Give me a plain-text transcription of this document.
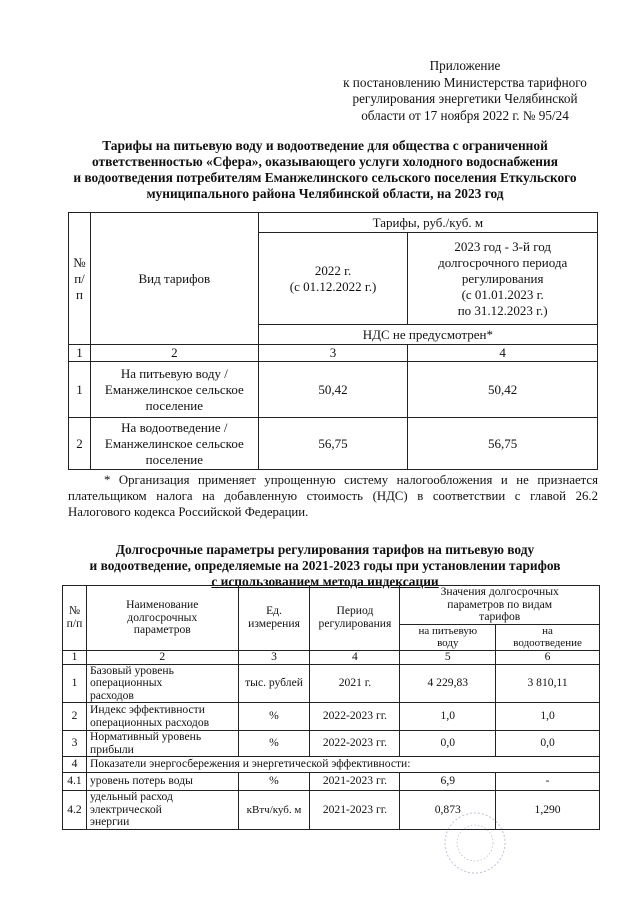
Приложение
к постановлению Министерства тарифного
регулирования энергетики Челябинской
области от 17 ноября 2022 г. № 95/24
Тарифы на питьевую воду и водоотведение для общества с ограниченной
ответственностью «Сфера», оказывающего услуги холодного водоснабжения
и водоотведения потребителям Еманжелинского сельского поселения Еткульского
муниципального района Челябинской области, на 2023 год
№
п/п	Вид тарифов	Тарифы, руб./куб. м	
		2022 г.
(с 01.12.2022 г.)	2023 год - 3-й год
долгосрочного периода
регулирования
(с 01.01.2023 г.
по 31.12.2023 г.)
		НДС не предусмотрен*	
1	2	3	4
1	На питьевую воду /
Еманжелинское сельское
поселение	50,42	50,42
2	На водоотведение /
Еманжелинское сельское
поселение	56,75	56,75
* Организация применяет упрощенную систему налогообложения и не признается плательщиком налога на добавленную стоимость (НДС) в соответствии с главой 26.2 Налогового кодекса Российской Федерации.
Долгосрочные параметры регулирования тарифов на питьевую воду
и водоотведение, определяемые на 2021-2023 годы при установлении тарифов
с использованием метода индексации
№
п/п	Наименование долгосрочных
параметров	Ед.
измерения	Период
регулирования	Значения долгосрочных
параметров по видам
тарифов	
				на питьевую
воду	на
водоотведение
1	2	3	4	5	6
1	Базовый уровень операционных
расходов	тыс. рублей	2021 г.	4 229,83	3 810,11
2	Индекс эффективности
операционных расходов	%	2022-2023 гг.	1,0	1,0
3	Нормативный уровень прибыли	%	2022-2023 гг.	0,0	0,0
4	Показатели энергосбережения и энергетической эффективности:				
4.1	уровень потерь воды	%	2021-2023 гг.	6,9	-
4.2	удельный расход электрической
энергии	кВтч/куб. м	2021-2023 гг.	0,873	1,290
